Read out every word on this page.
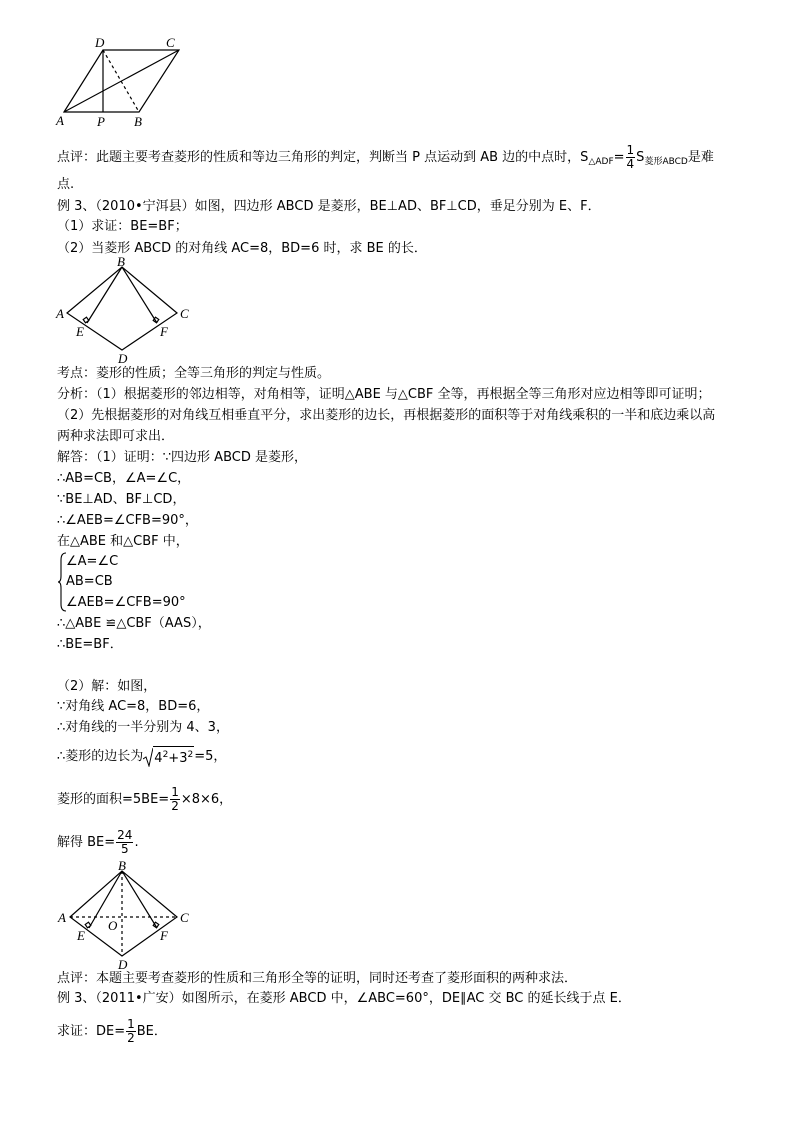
D	C
A	P B
点评：此题主要考查菱形的性质和等边三角形的判定，判断当 P 点运动到 AB 边的中点时，$S_{\triangle ADF}= \frac{1}{4} S_{菱形ABCD}$是难
点.
例 3、（2010•宁洱县）如图，四边形 ABCD 是菱形，BE⊥AD、BF⊥CD，垂足分别为 E、F．
（1）求证：BE=BF；
（2）当菱形 ABCD 的对角线 AC=8，BD=6 时，求 BE 的长．
B
A	C
E	F
D
考点：菱形的性质；全等三角形的判定与性质。
分析：（1）根据菱形的邻边相等，对角相等，证明△ABE 与△CBF 全等，再根据全等三角形对应边相等即可证明；
（2）先根据菱形的对角线互相垂直平分，求出菱形的边长，再根据菱形的面积等于对角线乘积的一半和底边乘以高
两种求法即可求出．
解答：（1）证明：∵四边形 ABCD 是菱形，
∴AB=CB，∠A=∠C，
∵BE⊥AD、BF⊥CD，
∴∠AEB=∠CFB=90°，
在△ABE 和△CBF 中，
∠A=∠C
AB=CB
∠AEB=∠CFB=90°
∴△ABE ≌△CBF（AAS），
∴BE=BF．
（2）解：如图，
∵对角线 AC=8，BD=6，
∴对角线的一半分别为 4、3，
∴菱形的边长为 $4^2+3^2=5$，
菱形的面积$=5BE= \frac{1}{2} \times 8\times 6$，
解得 $BE= \frac{24}{5}$ .
B
A	C
O
E	F
D
点评：本题主要考查菱形的性质和三角形全等的证明，同时还考查了菱形面积的两种求法．
例 3、（2011•广安）如图所示，在菱形 ABCD 中，∠ABC=60°，DE∥AC 交 BC 的延长线于点 E．
求证：$DE= \frac{1}{2}$ BE．
